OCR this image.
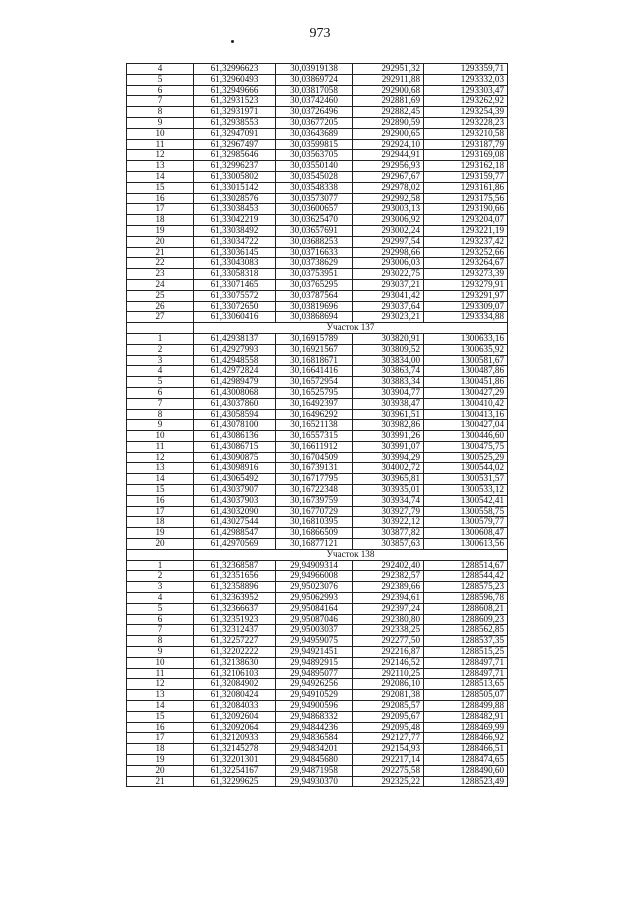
973
4	61,32996623	30,03919138	292951,32	1293359,71
5	61,32960493	30,03869724	292911,88	1293332,03
6	61,32949666	30,03817058	292900,68	1293303,47
7	61,32931523	30,03742460	292881,69	1293262,92
8	61,32931971	30,03726496	292882,45	1293254,39
9	61,32938553	30,03677205	292890,59	1293228,23
10	61,32947091	30,03643689	292900,65	1293210,58
11	61,32967497	30,03599815	292924,10	1293187,79
12	61,32985646	30,03563705	292944,91	1293169,08
13	61,32996237	30,03550140	292956,93	1293162,18
14	61,33005802	30,03545028	292967,67	1293159,77
15	61,33015142	30,03548338	292978,02	1293161,86
16	61,33028576	30,03573077	292992,58	1293175,56
17	61,33038453	30,03600657	293003,13	1293190,66
18	61,33042219	30,03625470	293006,92	1293204,07
19	61,33038492	30,03657691	293002,24	1293221,19
20	61,33034722	30,03688253	292997,54	1293237,42
21	61,33036145	30,03716633	292998,66	1293252,66
22	61,33043083	30,03738629	293006,03	1293264,67
23	61,33058318	30,03753951	293022,75	1293273,39
24	61,33071465	30,03765295	293037,21	1293279,91
25	61,33075572	30,03787564	293041,42	1293291,97
26	61,33072650	30,03819696	293037,64	1293309,07
27	61,33060416	30,03868694	293023,21	1293334,88
	Участок 137			
1	61,42938137	30,16915789	303820,91	1300633,16
2	61,42927993	30,16921567	303809,52	1300635,92
3	61,42948558	30,16818671	303834,00	1300581,67
4	61,42972824	30,16641416	303863,74	1300487,86
5	61,42989479	30,16572954	303883,34	1300451,86
6	61,43008068	30,16525795	303904,77	1300427,29
7	61,43037860	30,16492397	303938,47	1300410,42
8	61,43058594	30,16496292	303961,51	1300413,16
9	61,43078100	30,16521138	303982,86	1300427,04
10	61,43086136	30,16557315	303991,26	1300446,60
11	61,43086715	30,16611912	303991,07	1300475,75
12	61,43090875	30,16704509	303994,29	1300525,29
13	61,43098916	30,16739131	304002,72	1300544,02
14	61,43065492	30,16717795	303965,81	1300531,57
15	61,43037907	30,16722348	303935,01	1300533,12
16	61,43037903	30,16739759	303934,74	1300542,41
17	61,43032090	30,16770729	303927,79	1300558,75
18	61,43027544	30,16810395	303922,12	1300579,77
19	61,42988547	30,16866509	303877,82	1300608,47
20	61,42970569	30,16877121	303857,63	1300613,56
	Участок 138			
1	61,32368587	29,94909314	292402,40	1288514,67
2	61,32351656	29,94966008	292382,57	1288544,42
3	61,32358896	29,95023076	292389,66	1288575,23
4	61,32363952	29,95062993	292394,61	1288596,78
5	61,32366637	29,95084164	292397,24	1288608,21
6	61,32351923	29,95087046	292380,80	1288609,23
7	61,32312437	29,95003037	292338,25	1288562,85
8	61,32257227	29,94959075	292277,50	1288537,35
9	61,32202222	29,94921451	292216,87	1288515,25
10	61,32138630	29,94892915	292146,52	1288497,71
11	61,32106103	29,94895077	292110,25	1288497,71
12	61,32084902	29,94926256	292086,10	1288513,65
13	61,32080424	29,94910529	292081,38	1288505,07
14	61,32084033	29,94900596	292085,57	1288499,88
15	61,32092604	29,94868332	292095,67	1288482,91
16	61,32092064	29,94844236	292095,48	1288469,99
17	61,32120933	29,94836584	292127,77	1288466,92
18	61,32145278	29,94834201	292154,93	1288466,51
19	61,32201301	29,94845680	292217,14	1288474,65
20	61,32254167	29,94871958	292275,58	1288490,60
21	61,32299625	29,94930370	292325,22	1288523,49
